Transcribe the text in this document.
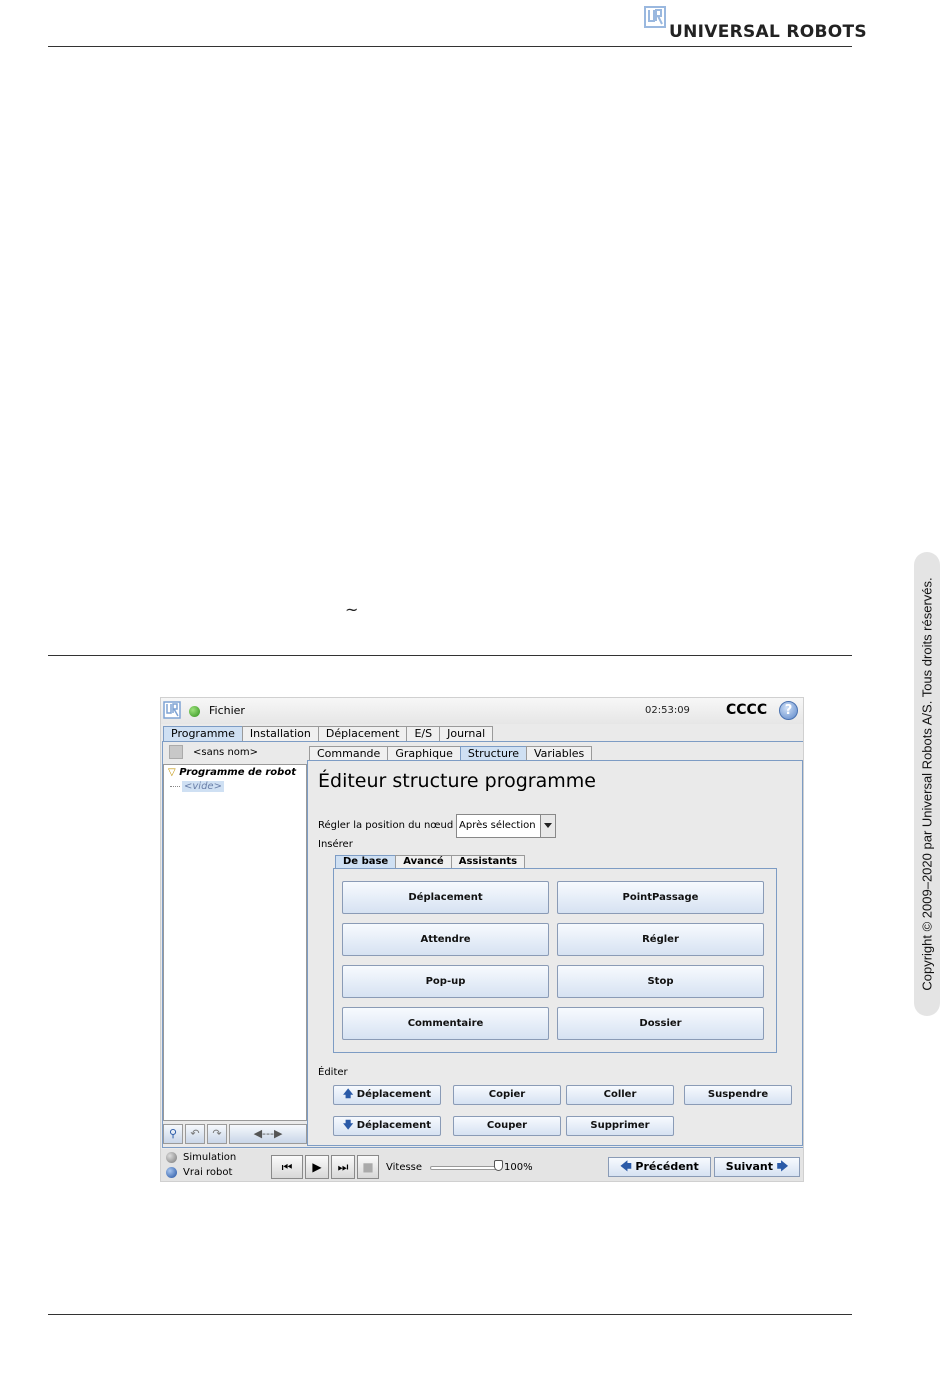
UNIVERSAL ROBOTS
~	Copyright © 2009–2020 par Universal Robots A/S. Tous droits réservés.
Fichier	02:53:09	CCCC	?
Programme	Installation	Déplacement	E/S	Journal
<sans nom>
▽ Programme de robot
<vide>
⚲	↶	↷	◀---▶
Commande	Graphique	Structure	Variables
Éditeur structure programme
Régler la position du nœud Après sélection
Insérer
De base	Avancé	Assistants
Déplacement	PointPassage
Attendre	Régler
Pop-up	Stop
Commentaire	Dossier
Éditer
🡅 Déplacement	Copier	Coller	Suspendre
🡇 Déplacement	Couper	Supprimer
Simulation
Vrai robot	⏮	▶	⏭	■	Vitesse	100%	🡄 Précédent	Suivant 🡆
